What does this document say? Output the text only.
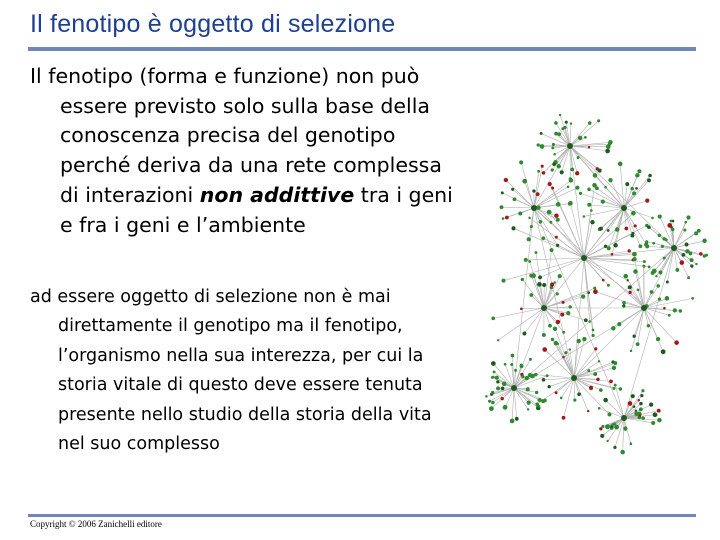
Il fenotipo è oggetto di selezione

Il fenotipo (forma e funzione) non può
essere previsto solo sulla base della
conoscenza precisa del genotipo
perché deriva da una rete complessa
di interazioni non addittive tra i geni
e fra i geni e l’ambiente

ad essere oggetto di selezione non è mai
direttamente il genotipo ma il fenotipo,
l’organismo nella sua interezza, per cui la
storia vitale di questo deve essere tenuta
presente nello studio della storia della vita
nel suo complesso

Copyright © 2006 Zanichelli editore
